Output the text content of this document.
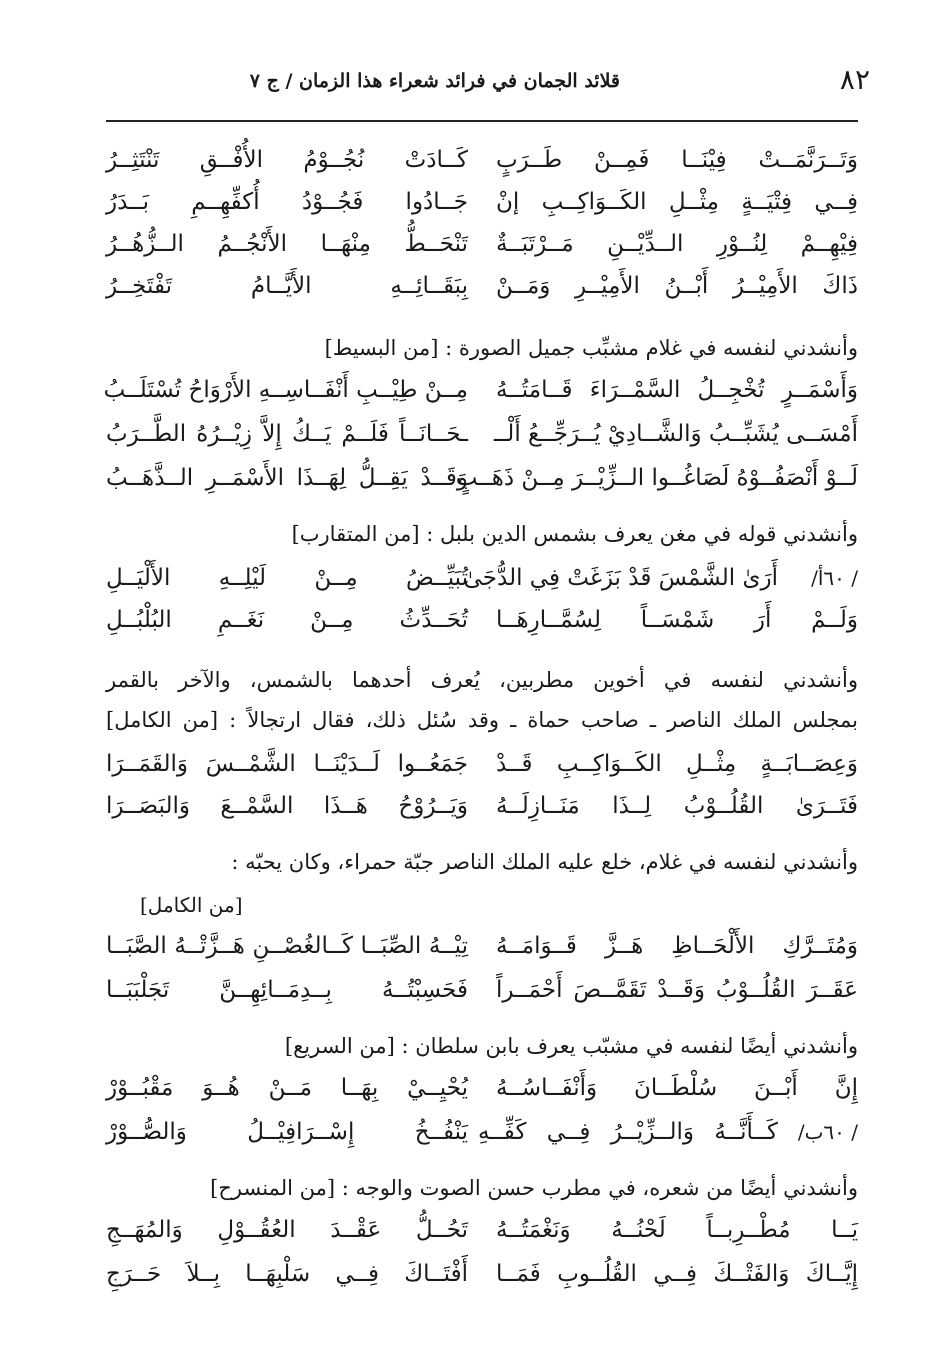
٨٢
قلائد الجمان في فرائد شعراء هذا الزمان / ج ٧
وَتَــرَنَّمَــتْ فِيْنَــا فَمِــنْ طَــرَبٍ
كَــادَتْ نُجُــوْمُ الأُفْــقِ تَنْتَثِــرُ
فِــي فِتْيَــةٍ مِثْــلِ الكَــوَاكِــبِ إنْ
جَــادُوا فَجُــوْدُ أُكفِّهِــمِ بَــدَرُ
فِيْهِــمْ لِنُــوْرِ الــدِّيْــنِ مَــرْتَبَــةٌ
تَنْحَــطُّ مِنْهَــا الأَنْجُــمُ الــزُّهُــرُ
ذَاكَ الأَمِيْــرُ أَبْــنُ الأَمِيْــرِ وَمَــنْ
بِبَقَــائِــهِ الأَيَّــامُ تَفْتَخِــرُ
وأنشدني لنفسه في غلام مشبِّب جميل الصورة : [من البسيط]
وَأَسْمَــرٍ تُخْجِــلُ السَّمْــرَاءَ قَــامَتُــهُ
مِــنْ طِيْــبِ أَنْفَــاسِــهِ الأَرْوَاحُ تُسْتَلَــبُ
أَمْسَــى يُشَبِّــبُ وَالشَّــادِيْ يُــرَجِّــعُ أَلْــ
ـحَــانَــاً فَلَــمْ يَــكُ إِلاَّ زِيْــرُهُ الطَّــرَبُ
لَــوْ أَنْصَفُــوْهُ لَصَاغُــوا الــزِّيْــرَ مِــنْ ذَهَــبٍ
وَقَــدْ يَقِــلُّ لِهَــذَا الأَسْمَــرِ الــذَّهَــبُ
وأنشدني قوله في مغن يعرف بشمس الدين بلبل : [من المتقارب]
/ ٦٠أ/
أَرَىٰ الشَّمْسَ قَدْ بَزَغَتْ فِي الدُّجَىٰ
تُبَيِّــضُ مِــنْ لَيْلِــهِ الأَلْيَــلِ
وَلَــمْ أَرَ شَمْسَــاً لِسُمَّــارِهَــا
تُحَــدِّثُ مِــنْ نَغَــمِ البُلْبُــلِ
وأنشدني لنفسه في أخوين مطربين، يُعرف أحدهما بالشمس، والآخر بالقمر
بمجلس الملك الناصر ـ صاحب حماة ـ وقد سُئل ذلك، فقال ارتجالاً : [من الكامل]
وَعِصَــابَــةٍ مِثْــلِ الكَــوَاكِــبِ قَــدْ
جَمَعُــوا لَــدَيْنَــا الشَّمْــسَ وَالقَمَــرَا
فَتَــرَىٰ القُلُــوْبُ لِــذَا مَنَــازِلَــهُ
وَيَــرُوْحُ هَــذَا السَّمْــعَ وَالبَصَــرَا
وأنشدني لنفسه في غلام، خلع عليه الملك الناصر جبّة حمراء، وكان يحبّه :
[من الكامل]
وَمُتَــرَّكِ الأَلْحَــاظِ هَــزَّ قَــوَامَــهُ
تِيْــهُ الصِّبَــا كَــالغُصْــنِ هَــزَّتْــهُ الصَّبَــا
عَقَــرَ القُلُــوْبُ وَقَــدْ تَقَمَّــصَ أَحْمَــراً
فَحَسِبْتُــهُ بِــدِمَــائِهِــنَّ تَجَلْبَبَــا
وأنشدني أيضًا لنفسه في مشبّب يعرف بابن سلطان : [من السريع]
إِنَّ أَبْــنَ سُلْطَــانَ وَأَنْفَــاسُــهُ
يُحْيِــيْ بِهَــا مَــنْ هُــوَ مَقْبُــوْرْ
/ ٦٠ب/
كَــأَنَّــهُ وَالــزِّيْــرُ فِــي كَفِّــهِ
يَنْفُــخُ إِسْــرَافِيْــلُ وَالصُّــوْرْ
وأنشدني أيضًا من شعره، في مطرب حسن الصوت والوجه : [من المنسرح]
يَــا مُطْــرِبــاً لَحْنُــهُ وَنَغْمَتُــهُ
تَحُــلُّ عَقْــدَ العُقُــوْلِ وَالمُهَــجِ
إِيَّــاكَ وَالفَتْــكَ فِــي القُلُــوبِ فَمَــا
أَفْتَــاكَ فِــي سَلْبِهَــا بِــلاَ حَــرَجِ
